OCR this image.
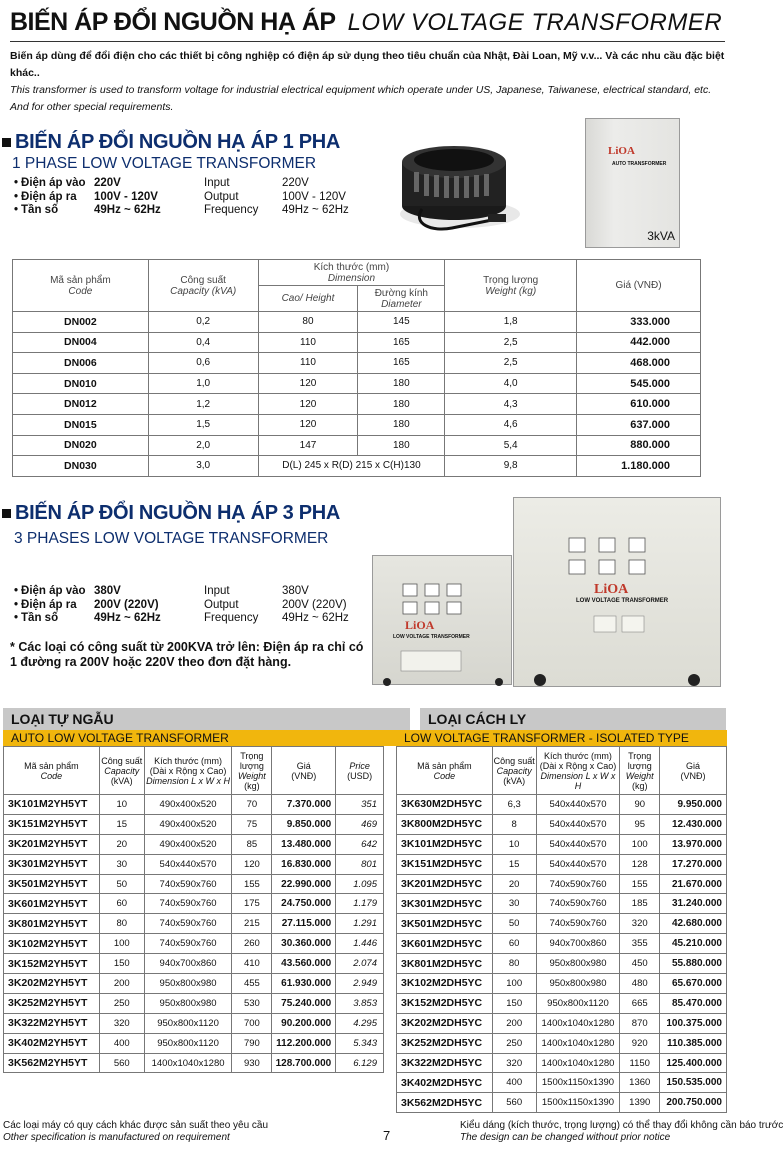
BIẾN ÁP ĐỔI NGUỒN HẠ ÁP LOW VOLTAGE TRANSFORMER
Biến áp dùng để đổi điện cho các thiết bị công nghiệp có điện áp sử dụng theo tiêu chuẩn của Nhật, Đài Loan, Mỹ v.v... Và các nhu cầu đặc biệt khác..
This transformer is used to transform voltage for industrial electrical equipment which operate under US, Japanese, Taiwanese, electrical standard, etc. And for other special requirements.
BIẾN ÁP ĐỔI NGUỒN HẠ ÁP 1 PHA
1 PHASE LOW VOLTAGE TRANSFORMER
• Điện áp vào 220V	Input	220V
• Điện áp ra	100V - 120V	Output	100V - 120V
• Tần số	49Hz ~ 62Hz	Frequency	49Hz ~ 62Hz
LiOA
AUTO TRANSFORMER
3kVA
Mã sản phẩm
Code	Công suất
Capacity (kVA)	Kích thước (mm)
Dimension		Trọng lượng
Weight (kg)	Giá (VNĐ)
		Cao/ Height	Đường kính
Diameter		
DN002	0,2	80	145	1,8	333.000
DN004	0,4	110	165	2,5	442.000
DN006	0,6	110	165	2,5	468.000
DN010	1,0	120	180	4,0	545.000
DN012	1,2	120	180	4,3	610.000
DN015	1,5	120	180	4,6	637.000
DN020	2,0	147	180	5,4	880.000
DN030	3,0	D(L) 245 x R(D) 215 x C(H)130		9,8	1.180.000
BIẾN ÁP ĐỔI NGUỒN HẠ ÁP 3 PHA
3 PHASES LOW VOLTAGE TRANSFORMER
• Điện áp vào 380V	Input	380V
• Điện áp ra	200V (220V)	Output	200V (220V)
• Tần số	49Hz ~ 62Hz	Frequency	49Hz ~ 62Hz
* Các loại có công suất từ 200KVA trở lên: Điện áp ra chỉ có 1 đường ra 200V hoặc 220V theo đơn đặt hàng.
LiOA
LOW VOLTAGE TRANSFORMER
LiOA
LOW VOLTAGE TRANSFORMER
LOẠI TỰ NGẪU
AUTO LOW VOLTAGE TRANSFORMER
Mã sản phẩm
Code	Công suất
Capacity
(kVA)	Kích thước (mm)
(Dài x Rộng x Cao)
Dimension L x W x H	Trọng lượng
Weight
(kg)	Giá
(VNĐ)	Price
(USD)
3K101M2YH5YT	10	490x400x520	70	7.370.000	351
3K151M2YH5YT	15	490x400x520	75	9.850.000	469
3K201M2YH5YT	20	490x400x520	85	13.480.000	642
3K301M2YH5YT	30	540x440x570	120	16.830.000	801
3K501M2YH5YT	50	740x590x760	155	22.990.000	1.095
3K601M2YH5YT	60	740x590x760	175	24.750.000	1.179
3K801M2YH5YT	80	740x590x760	215	27.115.000	1.291
3K102M2YH5YT	100	740x590x760	260	30.360.000	1.446
3K152M2YH5YT	150	940x700x860	410	43.560.000	2.074
3K202M2YH5YT	200	950x800x980	455	61.930.000	2.949
3K252M2YH5YT	250	950x800x980	530	75.240.000	3.853
3K322M2YH5YT	320	950x800x1120	700	90.200.000	4.295
3K402M2YH5YT	400	950x800x1120	790	112.200.000	5.343
3K562M2YH5YT	560	1400x1040x1280	930	128.700.000	6.129
LOẠI CÁCH LY
LOW VOLTAGE TRANSFORMER - ISOLATED TYPE
Mã sản phẩm
Code	Công suất
Capacity
(kVA)	Kích thước (mm)
(Dài x Rộng x Cao)
Dimension L x W x H	Trọng lượng
Weight
(kg)	Giá
(VNĐ)
3K630M2DH5YC	6,3	540x440x570	90	9.950.000
3K800M2DH5YC	8	540x440x570	95	12.430.000
3K101M2DH5YC	10	540x440x570	100	13.970.000
3K151M2DH5YC	15	540x440x570	128	17.270.000
3K201M2DH5YC	20	740x590x760	155	21.670.000
3K301M2DH5YC	30	740x590x760	185	31.240.000
3K501M2DH5YC	50	740x590x760	320	42.680.000
3K601M2DH5YC	60	940x700x860	355	45.210.000
3K801M2DH5YC	80	950x800x980	450	55.880.000
3K102M2DH5YC	100	950x800x980	480	65.670.000
3K152M2DH5YC	150	950x800x1120	665	85.470.000
3K202M2DH5YC	200	1400x1040x1280	870	100.375.000
3K252M2DH5YC	250	1400x1040x1280	920	110.385.000
3K322M2DH5YC	320	1400x1040x1280	1150	125.400.000
3K402M2DH5YC	400	1500x1150x1390	1360	150.535.000
3K562M2DH5YC	560	1500x1150x1390	1390	200.750.000
Các loại máy có quy cách khác được sản suất theo yêu cầu
Other specification is manufactured on requirement	7
Kiểu dáng (kích thước, trọng lượng) có thể thay đổi không cần báo trước
The design can be changed without prior notice
